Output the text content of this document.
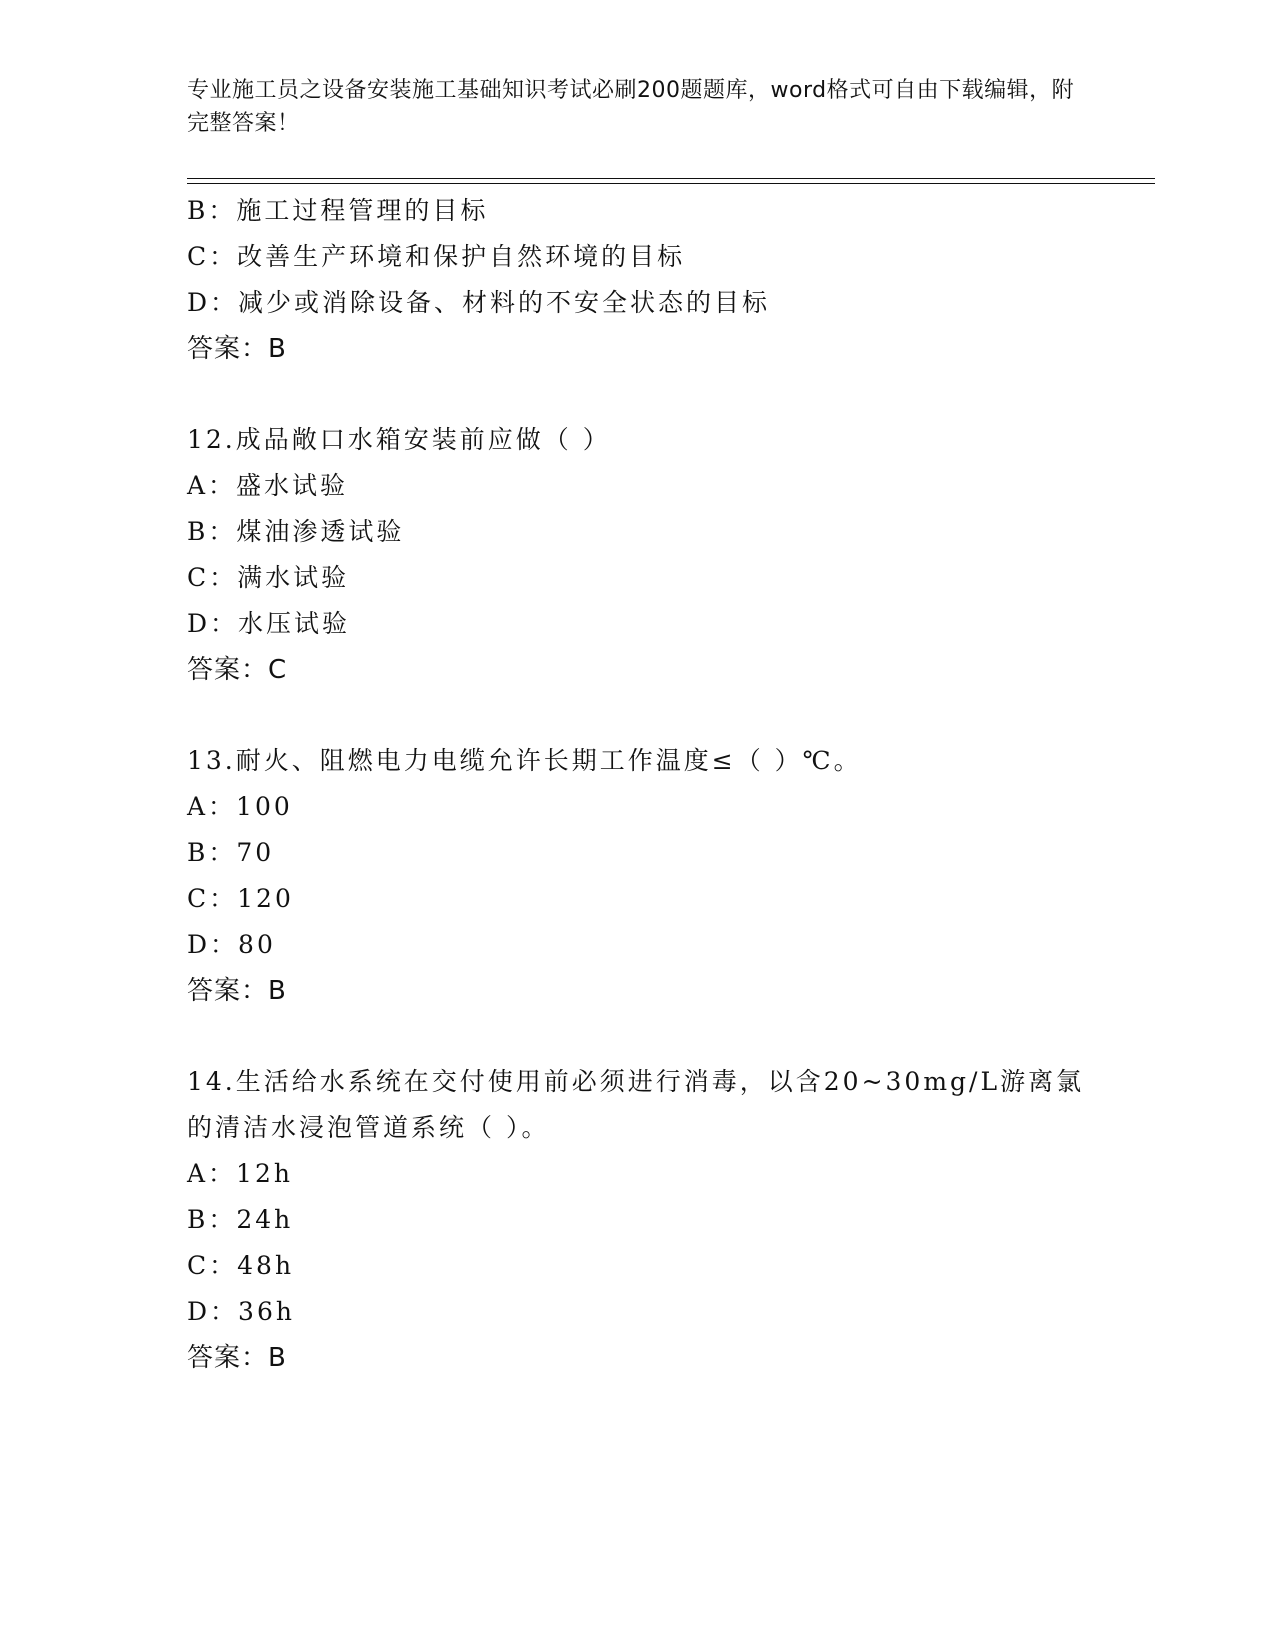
专业施工员之设备安装施工基础知识考试必刷200题题库，word格式可自由下载编辑，附完整答案！
B：施工过程管理的目标
C：改善生产环境和保护自然环境的目标
D：减少或消除设备、材料的不安全状态的目标
答案：B
12.成品敞口水箱安装前应做（ ）
A：盛水试验
B：煤油渗透试验
C：满水试验
D：水压试验
答案：C
13.耐火、阻燃电力电缆允许长期工作温度≤（ ）℃。
A：100
B：70
C：120
D：80
答案：B
14.生活给水系统在交付使用前必须进行消毒，以含20~30mg/L游离氯
的清洁水浸泡管道系统（ ）。
A：12h
B：24h
C：48h
D：36h
答案：B
